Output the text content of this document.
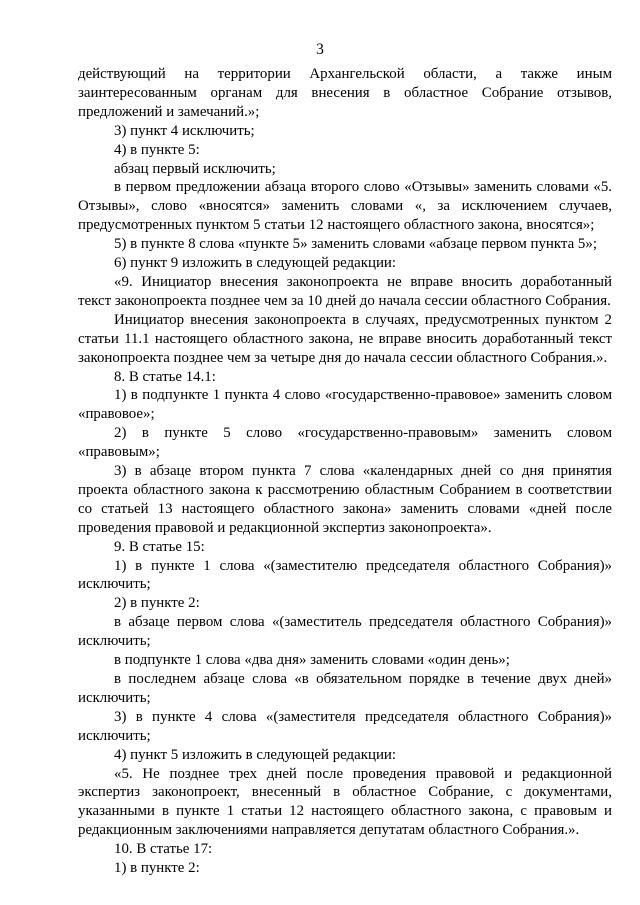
3

действующий на территории Архангельской области, а также иным заинтересованным органам для внесения в областное Собрание отзывов, предложений и замечаний.»;

3) пункт 4 исключить;

4) в пункте 5:

абзац первый исключить;

в первом предложении абзаца второго слово «Отзывы» заменить словами «5. Отзывы», слово «вносятся» заменить словами «, за исключением случаев, предусмотренных пунктом 5 статьи 12 настоящего областного закона, вносятся»;

5) в пункте 8 слова «пункте 5» заменить словами «абзаце первом пункта 5»;

6) пункт 9 изложить в следующей редакции:

«9. Инициатор внесения законопроекта не вправе вносить доработанный текст законопроекта позднее чем за 10 дней до начала сессии областного Собрания.

Инициатор внесения законопроекта в случаях, предусмотренных пунктом 2 статьи 11.1 настоящего областного закона, не вправе вносить доработанный текст законопроекта позднее чем за четыре дня до начала сессии областного Собрания.».

8. В статье 14.1:

1) в подпункте 1 пункта 4 слово «государственно-правовое» заменить словом «правовое»;

2) в пункте 5 слово «государственно-правовым» заменить словом «правовым»;

3) в абзаце втором пункта 7 слова «календарных дней со дня принятия проекта областного закона к рассмотрению областным Собранием в соответствии со статьей 13 настоящего областного закона» заменить словами «дней после проведения правовой и редакционной экспертиз законопроекта».

9. В статье 15:

1) в пункте 1 слова «(заместителю председателя областного Собрания)» исключить;

2) в пункте 2:

в абзаце первом слова «(заместитель председателя областного Собрания)» исключить;

в подпункте 1 слова «два дня» заменить словами «один день»;

в последнем абзаце слова «в обязательном порядке в течение двух дней» исключить;

3) в пункте 4 слова «(заместителя председателя областного Собрания)» исключить;

4) пункт 5 изложить в следующей редакции:

«5. Не позднее трех дней после проведения правовой и редакционной экспертиз законопроект, внесенный в областное Собрание, с документами, указанными в пункте 1 статьи 12 настоящего областного закона, с правовым и редакционным заключениями направляется депутатам областного Собрания.».

10. В статье 17:

1) в пункте 2:
